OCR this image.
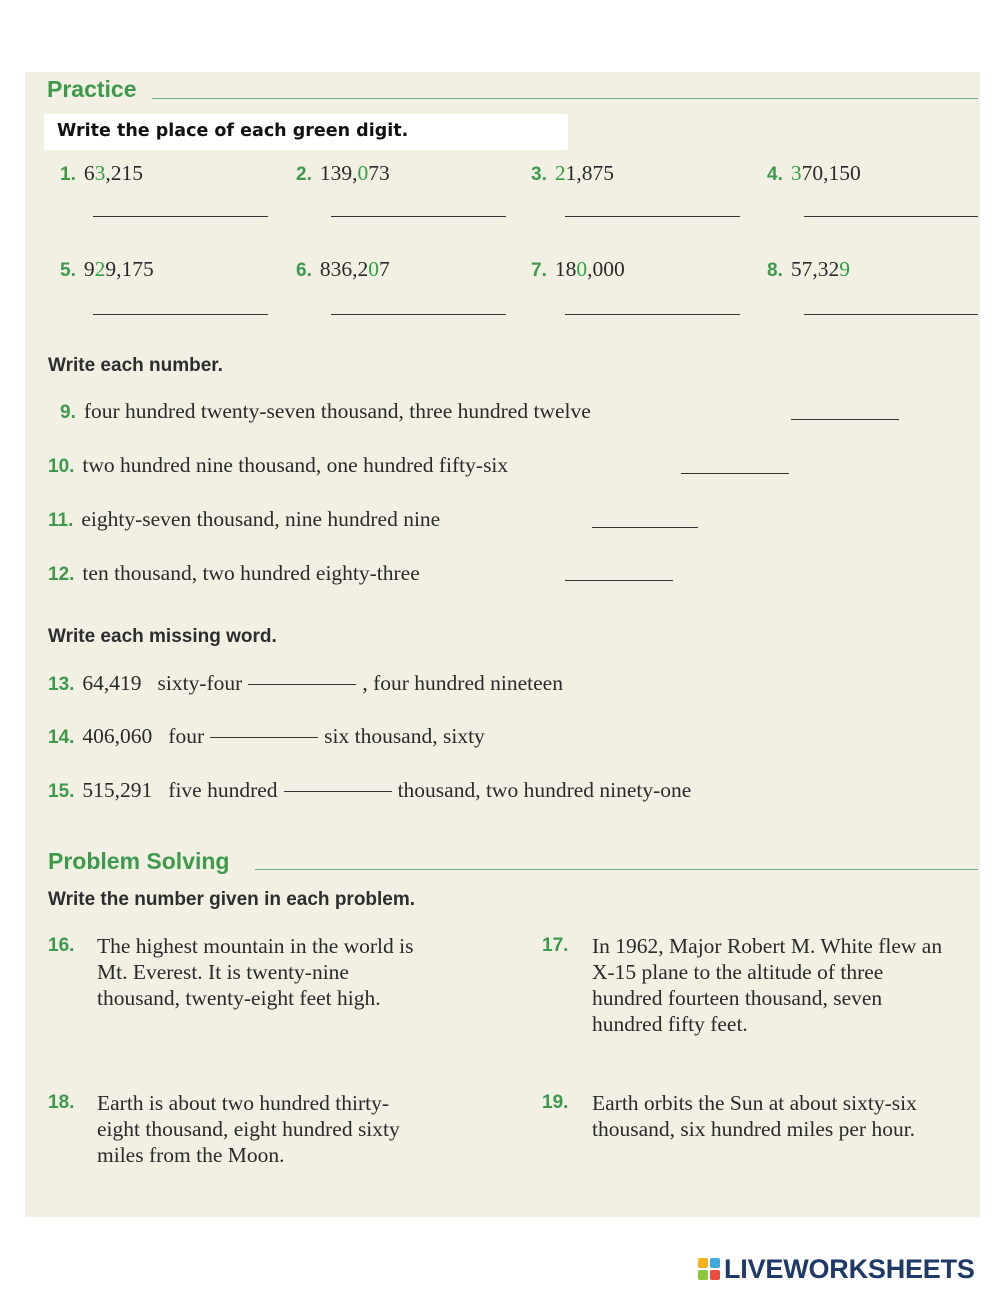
Practice
Write the place of each green digit.
1. 63,215	2. 139,073	3. 21,875	4. 370,150
5. 929,175	6. 836,207	7. 180,000	8. 57,329
Write each number.
9. four hundred twenty-seven thousand, three hundred twelve
10. two hundred nine thousand, one hundred fifty-six
11. eighty-seven thousand, nine hundred nine
12. ten thousand, two hundred eighty-three
Write each missing word.
13. 64,419 sixty-four	, four hundred nineteen
14. 406,060 four	six thousand, sixty
15. 515,291 five hundred	thousand, two hundred ninety-one
Problem Solving
Write the number given in each problem.
16. The highest mountain in the world is Mt. Everest. It is twenty-nine thousand, twenty-eight feet high.
17. In 1962, Major Robert M. White flew an X-15 plane to the altitude of three hundred fourteen thousand, seven hundred fifty feet.
18. Earth is about two hundred thirty-eight thousand, eight hundred sixty miles from the Moon.
19. Earth orbits the Sun at about sixty-six thousand, six hundred miles per hour.
LIVEWORKSHEETS
